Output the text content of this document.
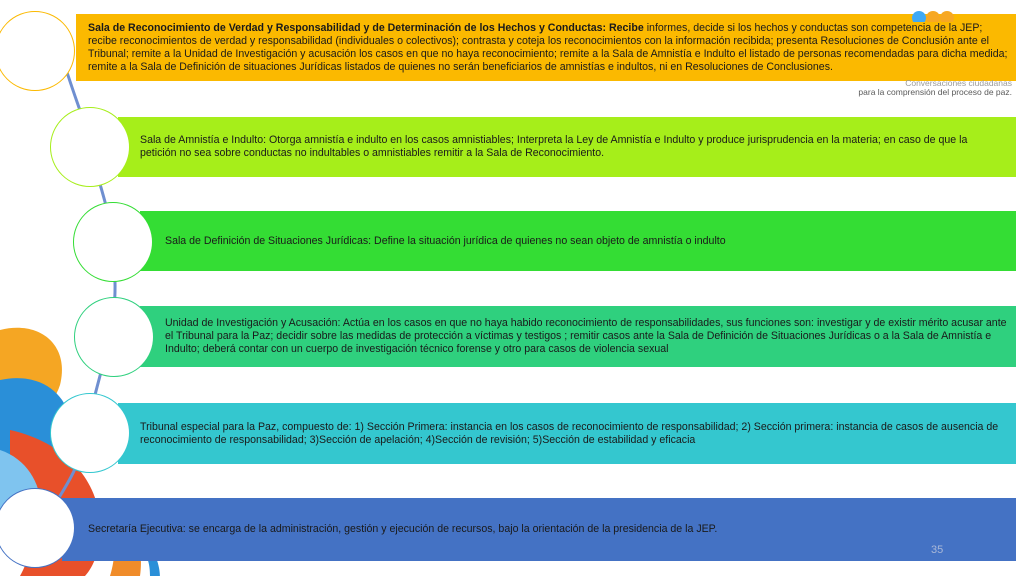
Sala de Reconocimiento de Verdad y Responsabilidad y de Determinación de los Hechos y Conductas: Recibe informes, decide si los hechos y conductas son competencia de la JEP; recibe reconocimientos de verdad y responsabilidad (individuales o colectivos); contrasta y coteja los reconocimientos con la información recibida; presenta Resoluciones de Conclusión ante el Tribunal; remite a la Unidad de Investigación y acusación los casos en que no haya reconocimiento; remite a la Sala de Amnistía e Indulto el listado de personas recomendadas para dicha medida; remite a la Sala de Definición de situaciones Jurídicas listados de quienes no serán beneficiarios de amnistías e indultos, ni en Resoluciones de Conclusiones.
Sala de Amnistía e Indulto: Otorga amnistía e indulto en los casos amnistiables; Interpreta la Ley de Amnistía e Indulto y produce jurisprudencia en la materia; en caso de que la petición no sea sobre conductas no indultables o amnistiables remitir a la Sala de Reconocimiento.
Sala de Definición de Situaciones Jurídicas: Define la situación jurídica de quienes no sean objeto de amnistía o indulto
Unidad de Investigación y Acusación: Actúa en los casos en que no haya habido reconocimiento de responsabilidades, sus funciones son: investigar y de existir mérito acusar ante el Tribunal para la Paz; decidir sobre las medidas de protección a víctimas y testigos ; remitir casos ante la Sala de Definición de Situaciones Jurídicas o a la Sala de Amnistía e Indulto; deberá contar con un cuerpo de investigación técnico forense y otro para casos de violencia sexual
Tribunal especial para la Paz, compuesto de: 1) Sección Primera: instancia en los casos de reconocimiento de responsabilidad; 2) Sección primera: instancia de casos de ausencia de reconocimiento de responsabilidad; 3)Sección de apelación; 4)Sección de revisión; 5)Sección de estabilidad y eficacia
Secretaría Ejecutiva: se encarga de la administración, gestión y ejecución de recursos, bajo la orientación de la presidencia de la JEP.
Conversaciones ciudadanas
para la comprensión del proceso de paz.
35
